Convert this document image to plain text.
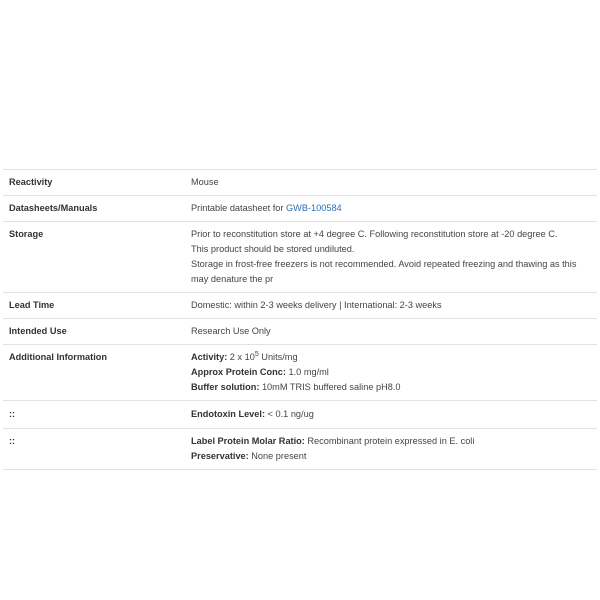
Reactivity	Mouse
Datasheets/Manuals	Printable datasheet for GWB-100584
Storage	Prior to reconstitution store at +4 degree C. Following reconstitution store at -20 degree C.
This product should be stored undiluted.
Storage in frost-free freezers is not recommended. Avoid repeated freezing and thawing as this may denature the pr

Lead Time	Domestic: within 2-3 weeks delivery | International: 2-3 weeks
Intended Use	Research Use Only
Additional Information	Activity: 2 x $10^5$ Units/mg
Approx Protein Conc: 1.0 mg/ml
Buffer solution: 10mM TRIS buffered saline pH8.0

::	Endotoxin Level: < 0.1 ng/ug
::	Label Protein Molar Ratio: Recombinant protein expressed in E. coli
Preservative: None present
